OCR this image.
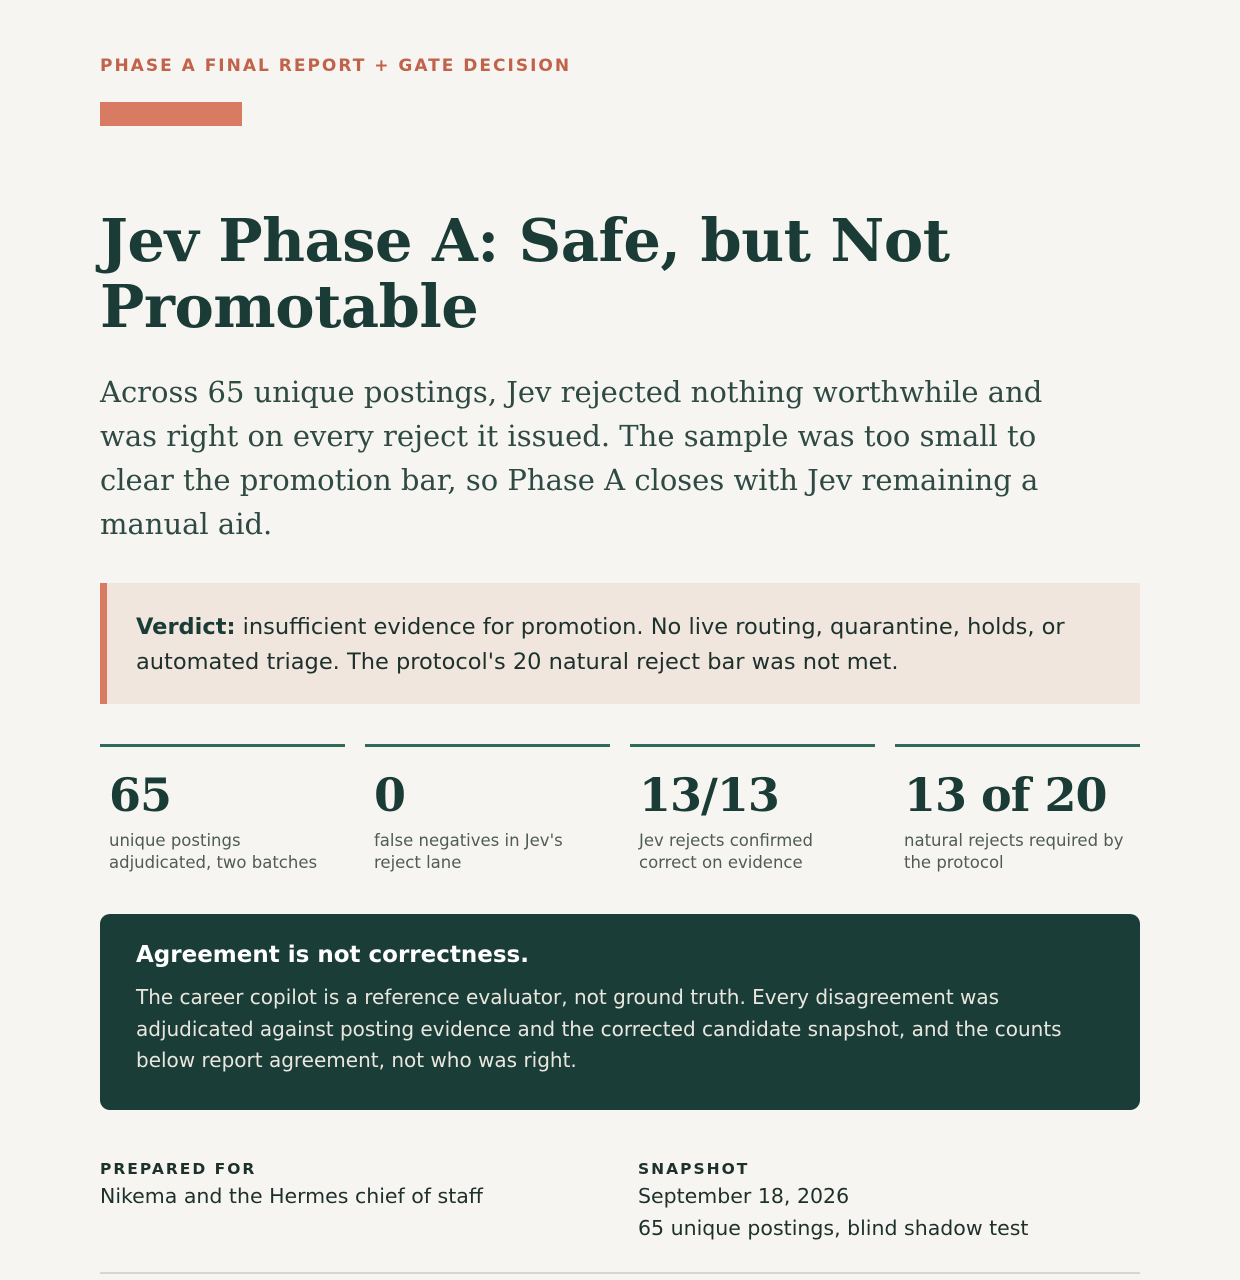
PHASE A FINAL REPORT + GATE DECISION
Jev Phase A: Safe, but Not Promotable

Across 65 unique postings, Jev rejected nothing worthwhile and was right on every reject it issued. The sample was too small to clear the promotion bar, so Phase A closes with Jev remaining a manual aid.

Verdict: insufficient evidence for promotion. No live routing, quarantine, holds, or automated triage. The protocol's 20 natural reject bar was not met.
65
unique postings adjudicated, two batches
0
false negatives in Jev's reject lane
13/13
Jev rejects confirmed correct on evidence
13 of 20
natural rejects required by the protocol

Agreement is not correctness.

The career copilot is a reference evaluator, not ground truth. Every disagreement was adjudicated against posting evidence and the corrected candidate snapshot, and the counts below report agreement, not who was right.

PREPARED FOR
Nikema and the Hermes chief of staff
SNAPSHOT
September 18, 2026
65 unique postings, blind shadow test
